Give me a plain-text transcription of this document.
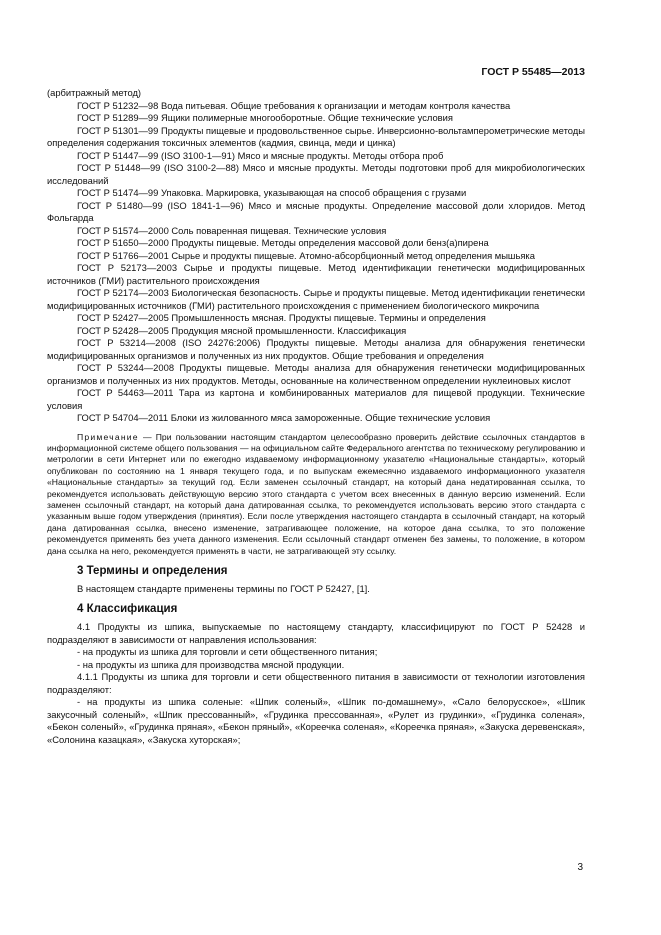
ГОСТ Р 55485—2013

(арбитражный метод)

ГОСТ Р 51232—98 Вода питьевая. Общие требования к организации и методам контроля качества

ГОСТ Р 51289—99 Ящики полимерные многооборотные. Общие технические условия

ГОСТ Р 51301—99 Продукты пищевые и продовольственное сырье. Инверсионно-вольтамперометрические методы определения содержания токсичных элементов (кадмия, свинца, меди и цинка)

ГОСТ Р 51447—99 (ISO 3100-1—91) Мясо и мясные продукты. Методы отбора проб

ГОСТ Р 51448—99 (ISO 3100-2—88) Мясо и мясные продукты. Методы подготовки проб для микробиологических исследований

ГОСТ Р 51474—99 Упаковка. Маркировка, указывающая на способ обращения с грузами

ГОСТ Р 51480—99 (ISO 1841-1—96) Мясо и мясные продукты. Определение массовой доли хлоридов. Метод Фольгарда

ГОСТ Р 51574—2000 Соль поваренная пищевая. Технические условия

ГОСТ Р 51650—2000 Продукты пищевые. Методы определения массовой доли бенз(а)пирена

ГОСТ Р 51766—2001 Сырье и продукты пищевые. Атомно-абсорбционный метод определения мышьяка

ГОСТ Р 52173—2003 Сырье и продукты пищевые. Метод идентификации генетически модифицированных источников (ГМИ) растительного происхождения

ГОСТ Р 52174—2003 Биологическая безопасность. Сырье и продукты пищевые. Метод идентификации генетически модифицированных источников (ГМИ) растительного происхождения с применением биологического микрочипа

ГОСТ Р 52427—2005 Промышленность мясная. Продукты пищевые. Термины и определения

ГОСТ Р 52428—2005 Продукция мясной промышленности. Классификация

ГОСТ Р 53214—2008 (ISO 24276:2006) Продукты пищевые. Методы анализа для обнаружения генетически модифицированных организмов и полученных из них продуктов. Общие требования и определения

ГОСТ Р 53244—2008 Продукты пищевые. Методы анализа для обнаружения генетически модифицированных организмов и полученных из них продуктов. Методы, основанные на количественном определении нуклеиновых кислот

ГОСТ Р 54463—2011 Тара из картона и комбинированных материалов для пищевой продукции. Технические условия

ГОСТ Р 54704—2011 Блоки из жилованного мяса замороженные. Общие технические условия

Примечание — При пользовании настоящим стандартом целесообразно проверить действие ссылочных стандартов в информационной системе общего пользования — на официальном сайте Федерального агентства по техническому регулированию и метрологии в сети Интернет или по ежегодно издаваемому информационному указателю «Национальные стандарты», который опубликован по состоянию на 1 января текущего года, и по выпускам ежемесячно издаваемого информационного указателя «Национальные стандарты» за текущий год. Если заменен ссылочный стандарт, на который дана недатированная ссылка, то рекомендуется использовать действующую версию этого стандарта с учетом всех внесенных в данную версию изменений. Если заменен ссылочный стандарт, на который дана датированная ссылка, то рекомендуется использовать версию этого стандарта с указанным выше годом утверждения (принятия). Если после утверждения настоящего стандарта в ссылочный стандарт, на который дана датированная ссылка, внесено изменение, затрагивающее положение, на которое дана ссылка, то это положение рекомендуется применять без учета данного изменения. Если ссылочный стандарт отменен без замены, то положение, в котором дана ссылка на него, рекомендуется применять в части, не затрагивающей эту ссылку.
3 Термины и определения

В настоящем стандарте применены термины по ГОСТ Р 52427, [1].

4 Классификация

4.1 Продукты из шпика, выпускаемые по настоящему стандарту, классифицируют по ГОСТ Р 52428 и подразделяют в зависимости от направления использования:

- на продукты из шпика для торговли и сети общественного питания;

- на продукты из шпика для производства мясной продукции.

4.1.1 Продукты из шпика для торговли и сети общественного питания в зависимости от технологии изготовления подразделяют:

- на продукты из шпика соленые: «Шпик соленый», «Шпик по-домашнему», «Сало белорусское», «Шпик закусочный соленый», «Шпик прессованный», «Грудинка прессованная», «Рулет из грудинки», «Грудинка соленая», «Бекон соленый», «Грудинка пряная», «Бекон пряный», «Кореечка соленая», «Кореечка пряная», «Закуска деревенская», «Солонина казацкая», «Закуска хуторская»;

3
